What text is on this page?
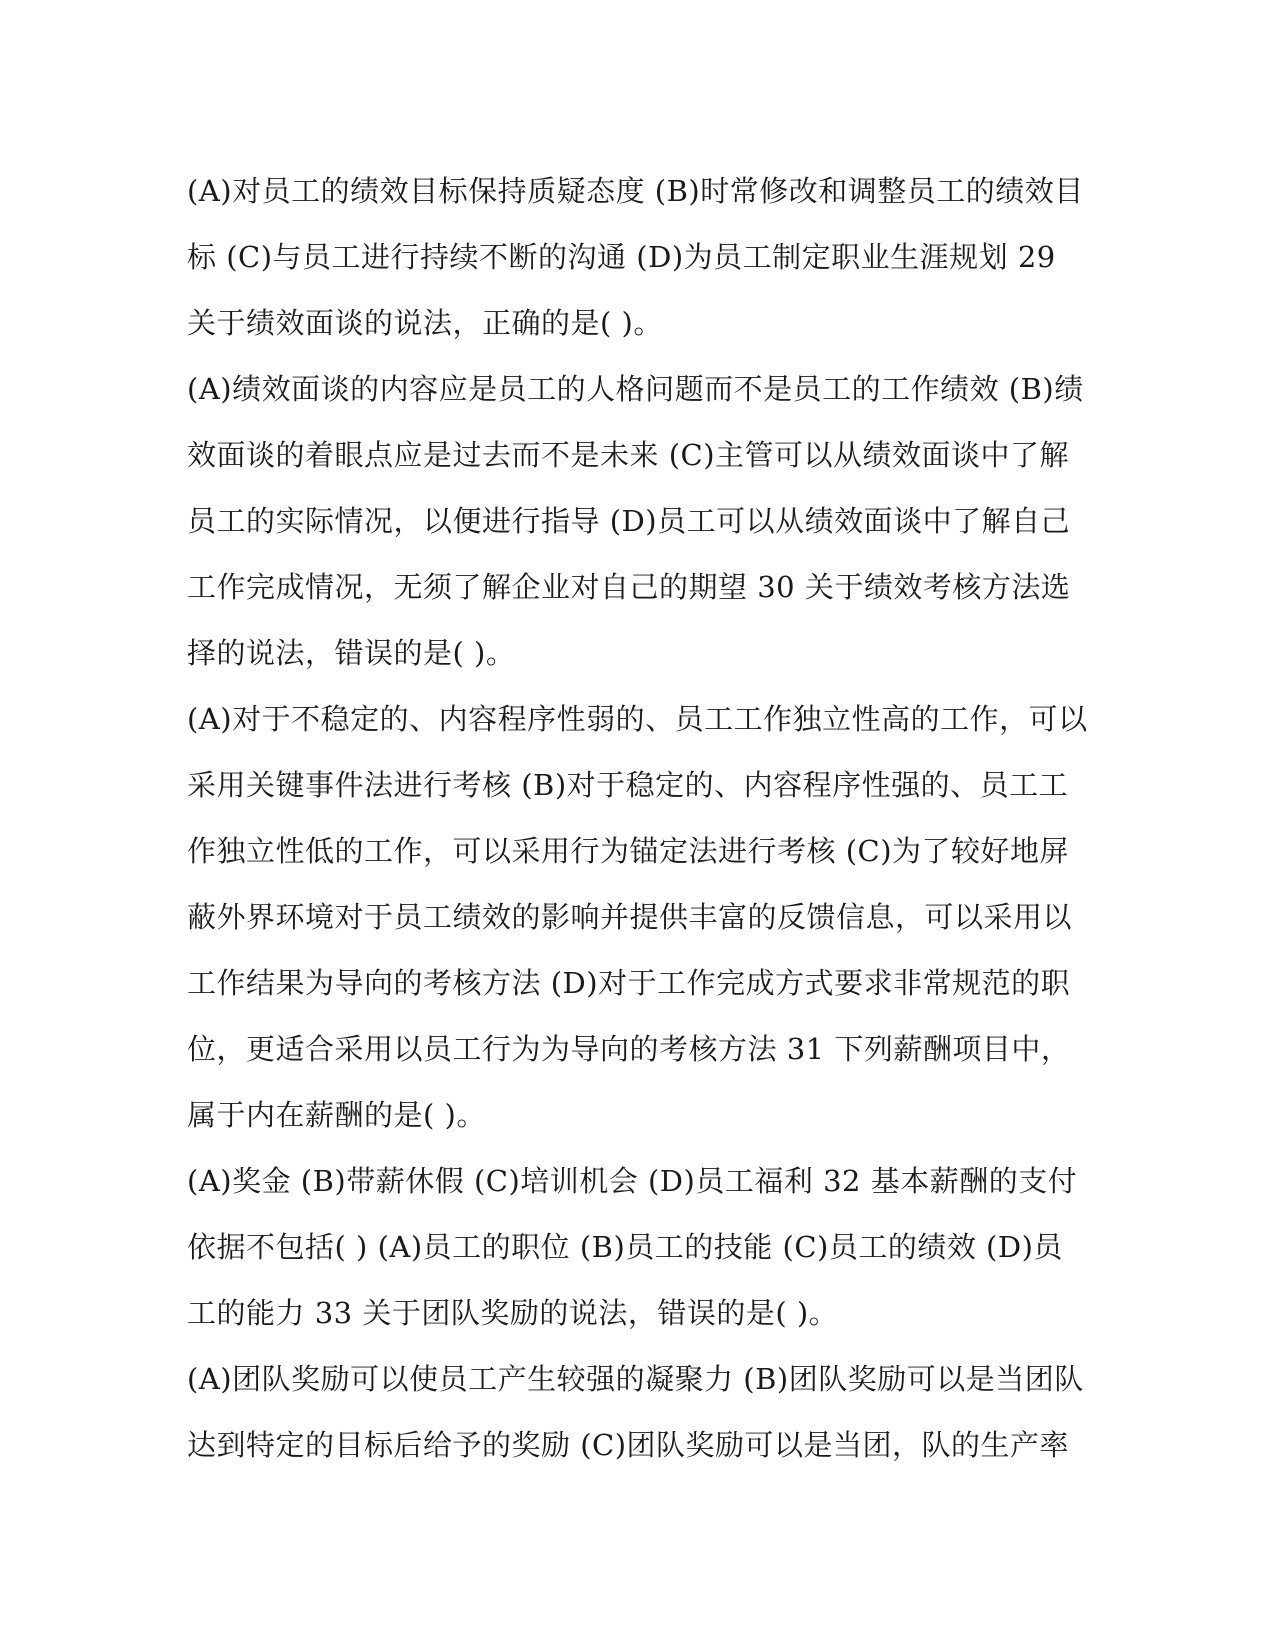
(A)对员工的绩效目标保持质疑态度 (B)时常修改和调整员工的绩效目
标 (C)与员工进行持续不断的沟通 (D)为员工制定职业生涯规划 29
关于绩效面谈的说法，正确的是( )。
(A)绩效面谈的内容应是员工的人格问题而不是员工的工作绩效 (B)绩
效面谈的着眼点应是过去而不是未来 (C)主管可以从绩效面谈中了解
员工的实际情况，以便进行指导 (D)员工可以从绩效面谈中了解自己
工作完成情况，无须了解企业对自己的期望 30 关于绩效考核方法选
择的说法，错误的是( )。
(A)对于不稳定的、内容程序性弱的、员工工作独立性高的工作，可以
采用关键事件法进行考核 (B)对于稳定的、内容程序性强的、员工工
作独立性低的工作，可以采用行为锚定法进行考核 (C)为了较好地屏
蔽外界环境对于员工绩效的影响并提供丰富的反馈信息，可以采用以
工作结果为导向的考核方法 (D)对于工作完成方式要求非常规范的职
位，更适合采用以员工行为为导向的考核方法 31 下列薪酬项目中，
属于内在薪酬的是( )。
(A)奖金 (B)带薪休假 (C)培训机会 (D)员工福利 32 基本薪酬的支付
依据不包括( ) (A)员工的职位 (B)员工的技能 (C)员工的绩效 (D)员
工的能力 33 关于团队奖励的说法，错误的是( )。
(A)团队奖励可以使员工产生较强的凝聚力 (B)团队奖励可以是当团队
达到特定的目标后给予的奖励 (C)团队奖励可以是当团，队的生产率
